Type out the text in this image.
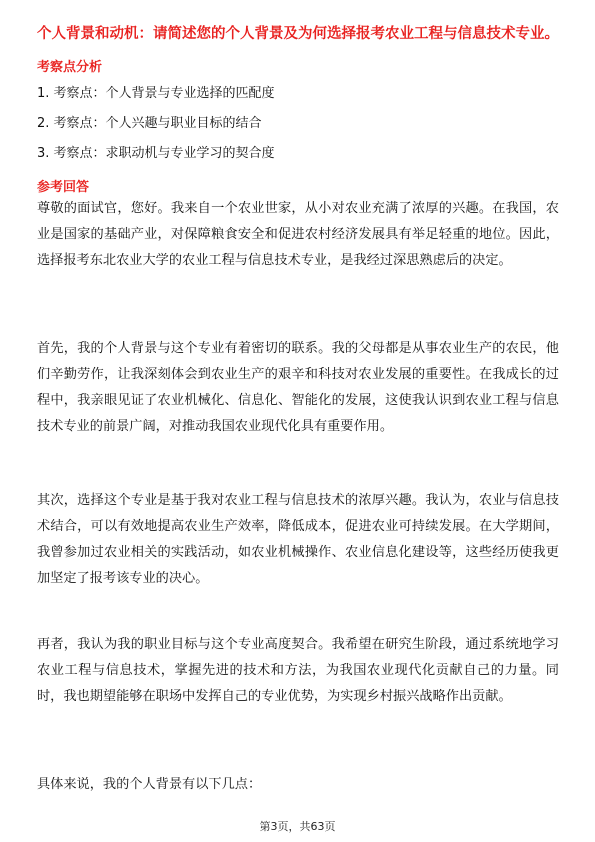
个人背景和动机：请简述您的个人背景及为何选择报考农业工程与信息技术专业。
考察点分析
1. 考察点：个人背景与专业选择的匹配度
2. 考察点：个人兴趣与职业目标的结合
3. 考察点：求职动机与专业学习的契合度
参考回答
尊敬的面试官，您好。我来自一个农业世家，从小对农业充满了浓厚的兴趣。在我国，农业是国家的基础产业，对保障粮食安全和促进农村经济发展具有举足轻重的地位。因此，选择报考东北农业大学的农业工程与信息技术专业，是我经过深思熟虑后的决定。
首先，我的个人背景与这个专业有着密切的联系。我的父母都是从事农业生产的农民，他们辛勤劳作，让我深刻体会到农业生产的艰辛和科技对农业发展的重要性。在我成长的过程中，我亲眼见证了农业机械化、信息化、智能化的发展，这使我认识到农业工程与信息技术专业的前景广阔，对推动我国农业现代化具有重要作用。
其次，选择这个专业是基于我对农业工程与信息技术的浓厚兴趣。我认为，农业与信息技术结合，可以有效地提高农业生产效率，降低成本，促进农业可持续发展。在大学期间，我曾参加过农业相关的实践活动，如农业机械操作、农业信息化建设等，这些经历使我更加坚定了报考该专业的决心。
再者，我认为我的职业目标与这个专业高度契合。我希望在研究生阶段，通过系统地学习农业工程与信息技术，掌握先进的技术和方法，为我国农业现代化贡献自己的力量。同时，我也期望能够在职场中发挥自己的专业优势，为实现乡村振兴战略作出贡献。
具体来说，我的个人背景有以下几点：
第3页，共63页
